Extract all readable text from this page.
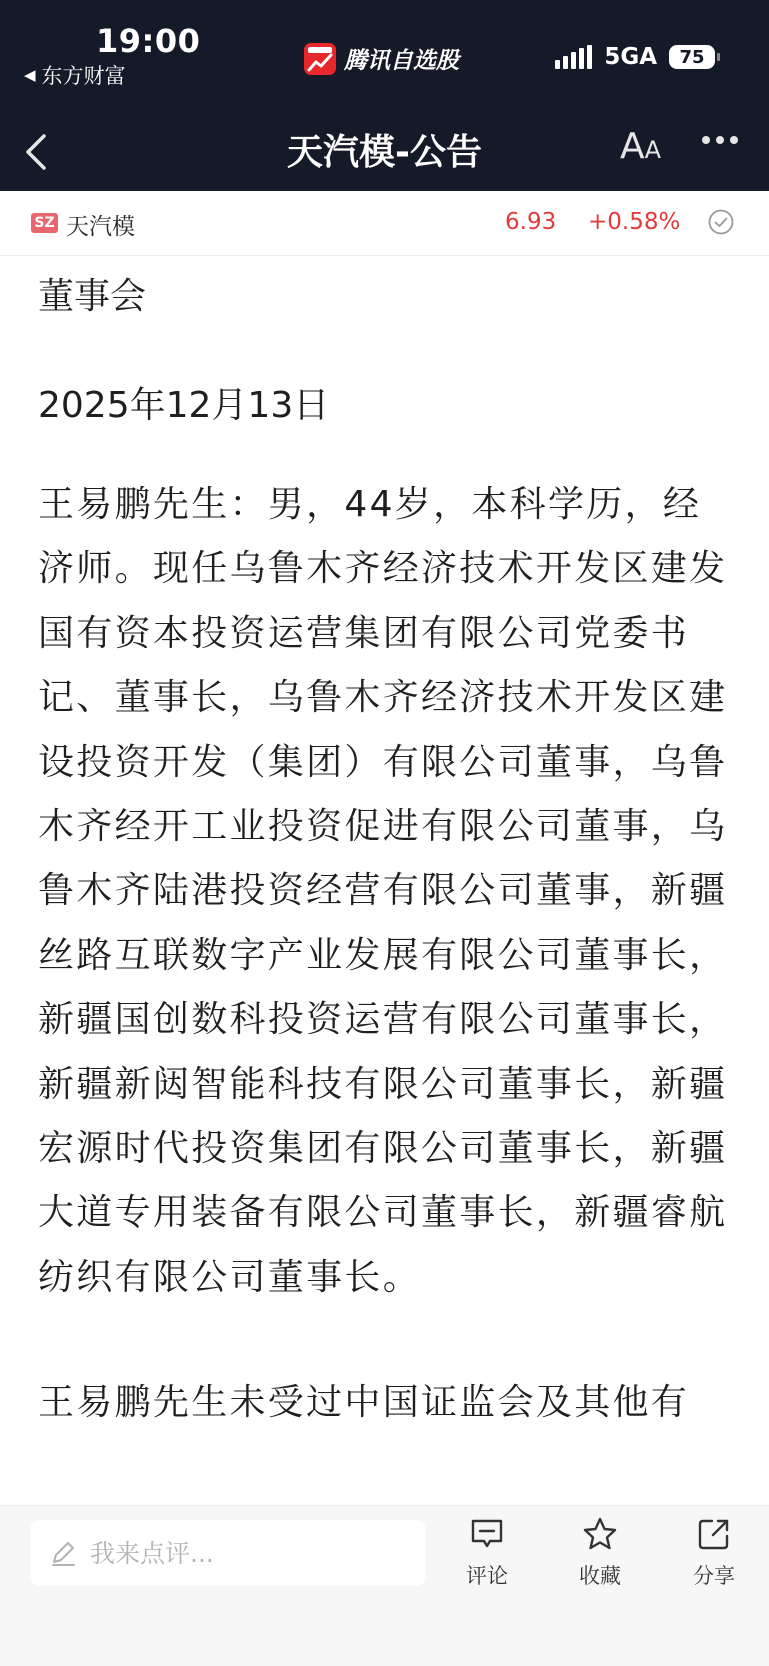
19:00
◀ 东方财富
腾讯自选股	5GA 75
天汽模-公告	AA
SZ 天汽模	6.93 +0.58%

董事会

2025年12月13日

王易鹏先生：男，44岁，本科学历，经济师。现任乌鲁木齐经济技术开发区建发国有资本投资运营集团有限公司党委书记、董事长，乌鲁木齐经济技术开发区建设投资开发（集团）有限公司董事，乌鲁木齐经开工业投资促进有限公司董事，乌鲁木齐陆港投资经营有限公司董事，新疆丝路互联数字产业发展有限公司董事长，新疆国创数科投资运营有限公司董事长，新疆新闼智能科技有限公司董事长，新疆宏源时代投资集团有限公司董事长，新疆大道专用装备有限公司董事长，新疆睿航纺织有限公司董事长。

王易鹏先生未受过中国证监会及其他有

我来点评...
评论	收藏	分享
